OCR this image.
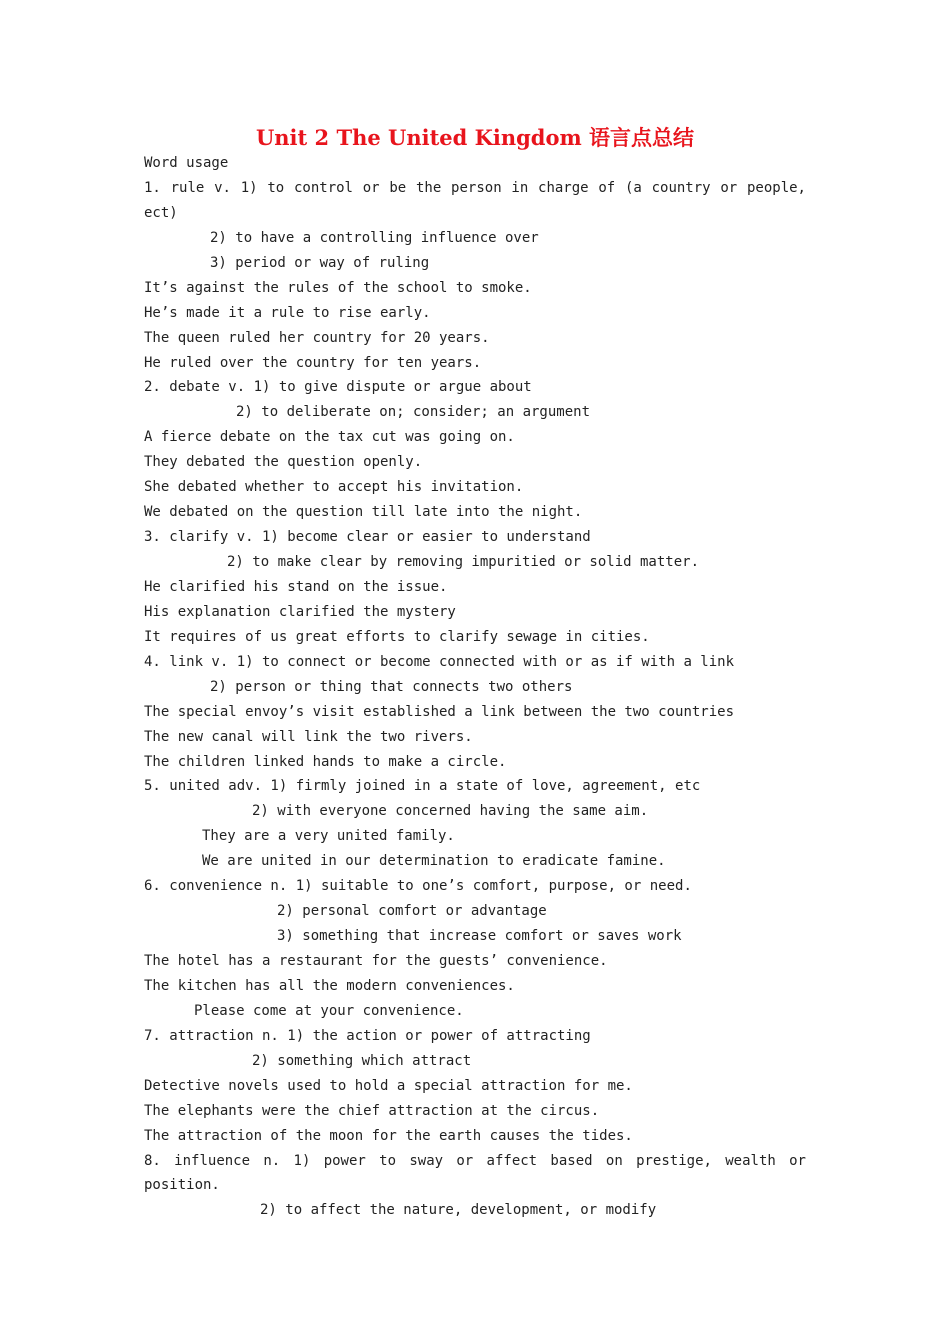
Unit 2 The United Kingdom 语言点总结
Word usage
1. rule v. 1) to control or be the person in charge of (a country or people,
ect)
2) to have a controlling influence over
3) period or way of ruling
It’s against the rules of the school to smoke.
He’s made it a rule to rise early.
The queen ruled her country for 20 years.
He ruled over the country for ten years.
2. debate v. 1) to give dispute or argue about
2) to deliberate on; consider; an argument
A fierce debate on the tax cut was going on.
They debated the question openly.
She debated whether to accept his invitation.
We debated on the question till late into the night.
3. clarify v. 1) become clear or easier to understand
2) to make clear by removing impuritied or solid matter.
He clarified his stand on the issue.
His explanation clarified the mystery
It requires of us great efforts to clarify sewage in cities.
4. link v. 1) to connect or become connected with or as if with a link
2) person or thing that connects two others
The special envoy’s visit established a link between the two countries
The new canal will link the two rivers.
The children linked hands to make a circle.
5. united adv. 1) firmly joined in a state of love, agreement, etc
2) with everyone concerned having the same aim.
They are a very united family.
We are united in our determination to eradicate famine.
6. convenience n. 1) suitable to one’s comfort, purpose, or need.
2) personal comfort or advantage
3) something that increase comfort or saves work
The hotel has a restaurant for the guests’ convenience.
The kitchen has all the modern conveniences.
Please come at your convenience.
7. attraction n. 1) the action or power of attracting
2) something which attract
Detective novels used to hold a special attraction for me.
The elephants were the chief attraction at the circus.
The attraction of the moon for the earth causes the tides.
8. influence n. 1) power to sway or affect based on prestige, wealth or
position.
2) to affect the nature, development, or modify
